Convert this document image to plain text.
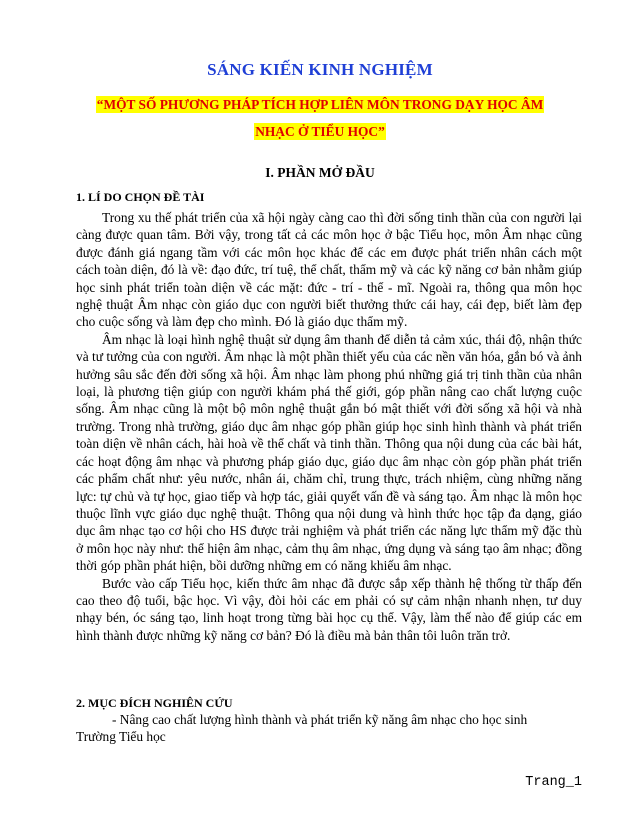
SÁNG KIẾN KINH NGHIỆM
“MỘT SỐ PHƯƠNG PHÁP TÍCH HỢP LIÊN MÔN TRONG DẠY HỌC ÂM
NHẠC Ở TIỂU HỌC”
I. PHẦN MỞ ĐẦU
1. LÍ DO CHỌN ĐỀ TÀI

Trong xu thế phát triển của xã hội ngày càng cao thì đời sống tinh thần của con người lại càng được quan tâm. Bởi vậy, trong tất cả các môn học ở bậc Tiểu học, môn Âm nhạc cũng được đánh giá ngang tầm với các môn học khác để các em được phát triển nhân cách một cách toàn diện, đó là về: đạo đức, trí tuệ, thể chất, thẩm mỹ và các kỹ năng cơ bản nhằm giúp học sinh phát triển toàn diện về các mặt: đức - trí - thể - mĩ. Ngoài ra, thông qua môn học nghệ thuật Âm nhạc còn giáo dục con người biết thưởng thức cái hay, cái đẹp, biết làm đẹp cho cuộc sống và làm đẹp cho mình. Đó là giáo dục thẩm mỹ.

Âm nhạc là loại hình nghệ thuật sử dụng âm thanh để diễn tả cảm xúc, thái độ, nhận thức và tư tưởng của con người. Âm nhạc là một phần thiết yếu của các nền văn hóa, gắn bó và ảnh hưởng sâu sắc đến đời sống xã hội. Âm nhạc làm phong phú những giá trị tinh thần của nhân loại, là phương tiện giúp con người khám phá thế giới, góp phần nâng cao chất lượng cuộc sống. Âm nhạc cũng là một bộ môn nghệ thuật gắn bó mật thiết với đời sống xã hội và nhà trường. Trong nhà trường, giáo dục âm nhạc góp phần giúp học sinh hình thành và phát triển toàn diện về nhân cách, hài hoà về thể chất và tinh thần. Thông qua nội dung của các bài hát, các hoạt động âm nhạc và phương pháp giáo dục, giáo dục âm nhạc còn góp phần phát triển các phẩm chất như: yêu nước, nhân ái, chăm chỉ, trung thực, trách nhiệm, cùng những năng lực: tự chủ và tự học, giao tiếp và hợp tác, giải quyết vấn đề và sáng tạo. Âm nhạc là môn học thuộc lĩnh vực giáo dục nghệ thuật. Thông qua nội dung và hình thức học tập đa dạng, giáo dục âm nhạc tạo cơ hội cho HS được trải nghiệm và phát triển các năng lực thẩm mỹ đặc thù ở môn học này như: thể hiện âm nhạc, cảm thụ âm nhạc, ứng dụng và sáng tạo âm nhạc; đồng thời góp phần phát hiện, bồi dưỡng những em có năng khiếu âm nhạc.

Bước vào cấp Tiểu học, kiến thức âm nhạc đã được sắp xếp thành hệ thống từ thấp đến cao theo độ tuổi, bậc học. Vì vậy, đòi hỏi các em phải có sự cảm nhận nhanh nhẹn, tư duy nhạy bén, óc sáng tạo, linh hoạt trong từng bài học cụ thể. Vậy, làm thế nào để giúp các em hình thành được những kỹ năng cơ bản? Đó là điều mà bản thân tôi luôn trăn trở.

2. MỤC ĐÍCH NGHIÊN CỨU
- Nâng cao chất lượng hình thành và phát triển kỹ năng âm nhạc cho học sinh
Trường Tiểu học
Trang_1
